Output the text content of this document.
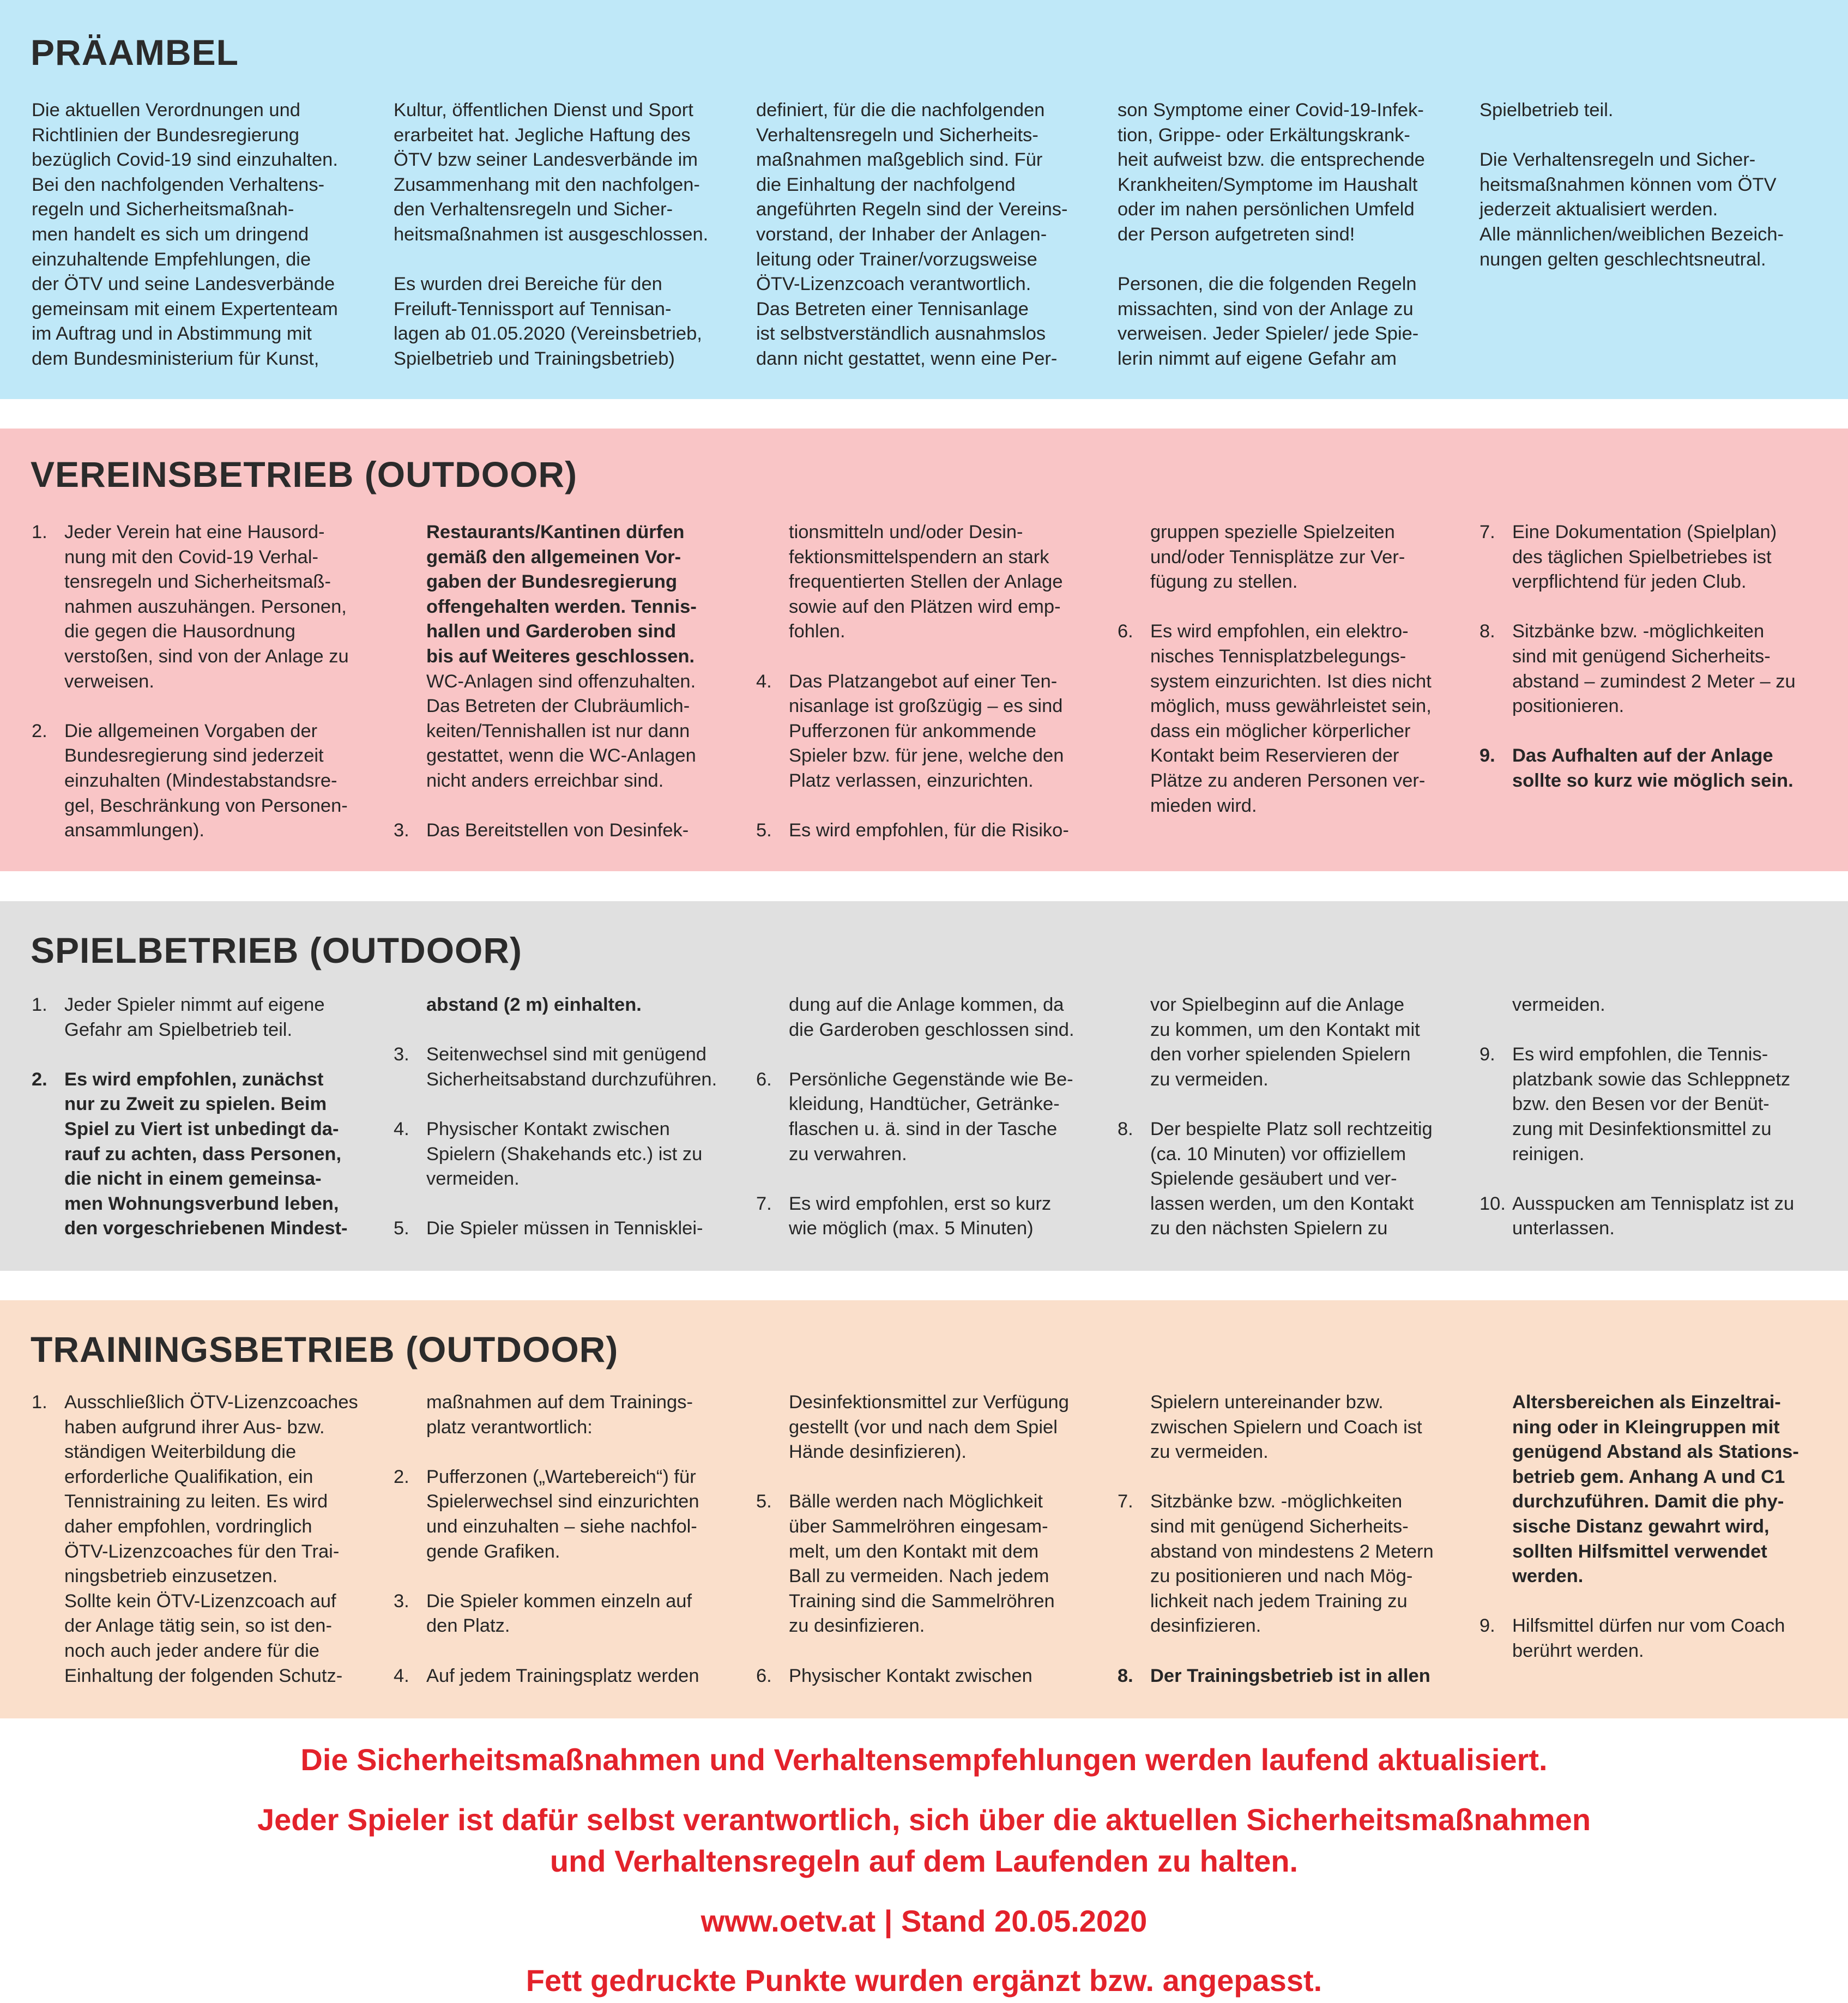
PRÄAMBEL

Die aktuellen Verordnungen und
Richtlinien der Bundesregierung
bezüglich Covid-19 sind einzuhalten.
Bei den nachfolgenden Verhaltens-
regeln und Sicherheitsmaßnah-
men handelt es sich um dringend
einzuhaltende Empfehlungen, die
der ÖTV und seine Landesverbände
gemeinsam mit einem Expertenteam
im Auftrag und in Abstimmung mit
dem Bundesministerium für Kunst,

Kultur, öffentlichen Dienst und Sport
erarbeitet hat. Jegliche Haftung des
ÖTV bzw seiner Landesverbände im
Zusammenhang mit den nachfolgen-
den Verhaltensregeln und Sicher-
heitsmaßnahmen ist ausgeschlossen.

Es wurden drei Bereiche für den
Freiluft-Tennissport auf Tennisan-
lagen ab 01.05.2020 (Vereinsbetrieb,
Spielbetrieb und Trainingsbetrieb)

definiert, für die die nachfolgenden
Verhaltensregeln und Sicherheits-
maßnahmen maßgeblich sind. Für
die Einhaltung der nachfolgend
angeführten Regeln sind der Vereins-
vorstand, der Inhaber der Anlagen-
leitung oder Trainer/vorzugsweise
ÖTV-Lizenzcoach verantwortlich.
Das Betreten einer Tennisanlage
ist selbstverständlich ausnahmslos
dann nicht gestattet, wenn eine Per-

son Symptome einer Covid-19-Infek-
tion, Grippe- oder Erkältungskrank-
heit aufweist bzw. die entsprechende
Krankheiten/Symptome im Haushalt
oder im nahen persönlichen Umfeld
der Person aufgetreten sind!

Personen, die die folgenden Regeln
missachten, sind von der Anlage zu
verweisen. Jeder Spieler/ jede Spie-
lerin nimmt auf eigene Gefahr am

Spielbetrieb teil.

Die Verhaltensregeln und Sicher-
heitsmaßnahmen können vom ÖTV
jederzeit aktualisiert werden.
Alle männlichen/weiblichen Bezeich-
nungen gelten geschlechtsneutral.

VEREINSBETRIEB (OUTDOOR)
1. Jeder Verein hat eine Hausord-
nung mit den Covid-19 Verhal-
tensregeln und Sicherheitsmaß-
nahmen auszuhängen. Personen,
die gegen die Hausordnung
verstoßen, sind von der Anlage zu
verweisen.

2. Die allgemeinen Vorgaben der
Bundesregierung sind jederzeit
einzuhalten (Mindestabstandsre-
gel, Beschränkung von Personen-
ansammlungen).

Restaurants/Kantinen dürfen
gemäß den allgemeinen Vor-
gaben der Bundesregierung
offengehalten werden. Tennis-
hallen und Garderoben sind
bis auf Weiteres geschlossen.

WC-Anlagen sind offenzuhalten.
Das Betreten der Clubräumlich-
keiten/Tennishallen ist nur dann
gestattet, wenn die WC-Anlagen
nicht anders erreichbar sind.

3. Das Bereitstellen von Desinfek-

tionsmitteln und/oder Desin-
fektionsmittelspendern an stark
frequentierten Stellen der Anlage
sowie auf den Plätzen wird emp-
fohlen.

4. Das Platzangebot auf einer Ten-
nisanlage ist großzügig – es sind
Pufferzonen für ankommende
Spieler bzw. für jene, welche den
Platz verlassen, einzurichten.

5. Es wird empfohlen, für die Risiko-

gruppen spezielle Spielzeiten
und/oder Tennisplätze zur Ver-
fügung zu stellen.

6. Es wird empfohlen, ein elektro-
nisches Tennisplatzbelegungs-
system einzurichten. Ist dies nicht
möglich, muss gewährleistet sein,
dass ein möglicher körperlicher
Kontakt beim Reservieren der
Plätze zu anderen Personen ver-
mieden wird.

7. Eine Dokumentation (Spielplan)
des täglichen Spielbetriebes ist
verpflichtend für jeden Club.

8. Sitzbänke bzw. -möglichkeiten
sind mit genügend Sicherheits-
abstand – zumindest 2 Meter – zu
positionieren.

9. Das Aufhalten auf der Anlage
sollte so kurz wie möglich sein.

SPIELBETRIEB (OUTDOOR)
1. Jeder Spieler nimmt auf eigene
Gefahr am Spielbetrieb teil.

2. Es wird empfohlen, zunächst
nur zu Zweit zu spielen. Beim
Spiel zu Viert ist unbedingt da-
rauf zu achten, dass Personen,
die nicht in einem gemeinsa-
men Wohnungsverbund leben,
den vorgeschriebenen Mindest-

abstand (2 m) einhalten.

3. Seitenwechsel sind mit genügend
Sicherheitsabstand durchzuführen.

4. Physischer Kontakt zwischen
Spielern (Shakehands etc.) ist zu
vermeiden.

5. Die Spieler müssen in Tennisklei-

dung auf die Anlage kommen, da
die Garderoben geschlossen sind.

6. Persönliche Gegenstände wie Be-
kleidung, Handtücher, Getränke-
flaschen u. ä. sind in der Tasche
zu verwahren.

7. Es wird empfohlen, erst so kurz
wie möglich (max. 5 Minuten)

vor Spielbeginn auf die Anlage
zu kommen, um den Kontakt mit
den vorher spielenden Spielern
zu vermeiden.

8. Der bespielte Platz soll rechtzeitig
(ca. 10 Minuten) vor offiziellem
Spielende gesäubert und ver-
lassen werden, um den Kontakt
zu den nächsten Spielern zu

vermeiden.

9. Es wird empfohlen, die Tennis-
platzbank sowie das Schleppnetz
bzw. den Besen vor der Benüt-
zung mit Desinfektionsmittel zu
reinigen.

10. Ausspucken am Tennisplatz ist zu
unterlassen.

TRAININGSBETRIEB (OUTDOOR)
1. Ausschließlich ÖTV-Lizenzcoaches
haben aufgrund ihrer Aus- bzw.
ständigen Weiterbildung die
erforderliche Qualifikation, ein
Tennistraining zu leiten. Es wird
daher empfohlen, vordringlich
ÖTV-Lizenzcoaches für den Trai-
ningsbetrieb einzusetzen.
Sollte kein ÖTV-Lizenzcoach auf
der Anlage tätig sein, so ist den-
noch auch jeder andere für die
Einhaltung der folgenden Schutz-

maßnahmen auf dem Trainings-
platz verantwortlich:

2. Pufferzonen („Wartebereich“) für
Spielerwechsel sind einzurichten
und einzuhalten – siehe nachfol-
gende Grafiken.

3. Die Spieler kommen einzeln auf
den Platz.

4. Auf jedem Trainingsplatz werden

Desinfektionsmittel zur Verfügung
gestellt (vor und nach dem Spiel
Hände desinfizieren).

5. Bälle werden nach Möglichkeit
über Sammelröhren eingesam-
melt, um den Kontakt mit dem
Ball zu vermeiden. Nach jedem
Training sind die Sammelröhren
zu desinfizieren.

6. Physischer Kontakt zwischen

Spielern untereinander bzw.
zwischen Spielern und Coach ist
zu vermeiden.

7. Sitzbänke bzw. -möglichkeiten
sind mit genügend Sicherheits-
abstand von mindestens 2 Metern
zu positionieren und nach Mög-
lichkeit nach jedem Training zu
desinfizieren.

8. Der Trainingsbetrieb ist in allen

Altersbereichen als Einzeltrai-
ning oder in Kleingruppen mit
genügend Abstand als Stations-
betrieb gem. Anhang A und C1
durchzuführen. Damit die phy-
sische Distanz gewahrt wird,
sollten Hilfsmittel verwendet
werden.

9. Hilfsmittel dürfen nur vom Coach
berührt werden.

Die Sicherheitsmaßnahmen und Verhaltensempfehlungen werden laufend aktualisiert.

Jeder Spieler ist dafür selbst verantwortlich, sich über die aktuellen Sicherheitsmaßnahmen

und Verhaltensregeln auf dem Laufenden zu halten.

www.oetv.at | Stand 20.05.2020

Fett gedruckte Punkte wurden ergänzt bzw. angepasst.
